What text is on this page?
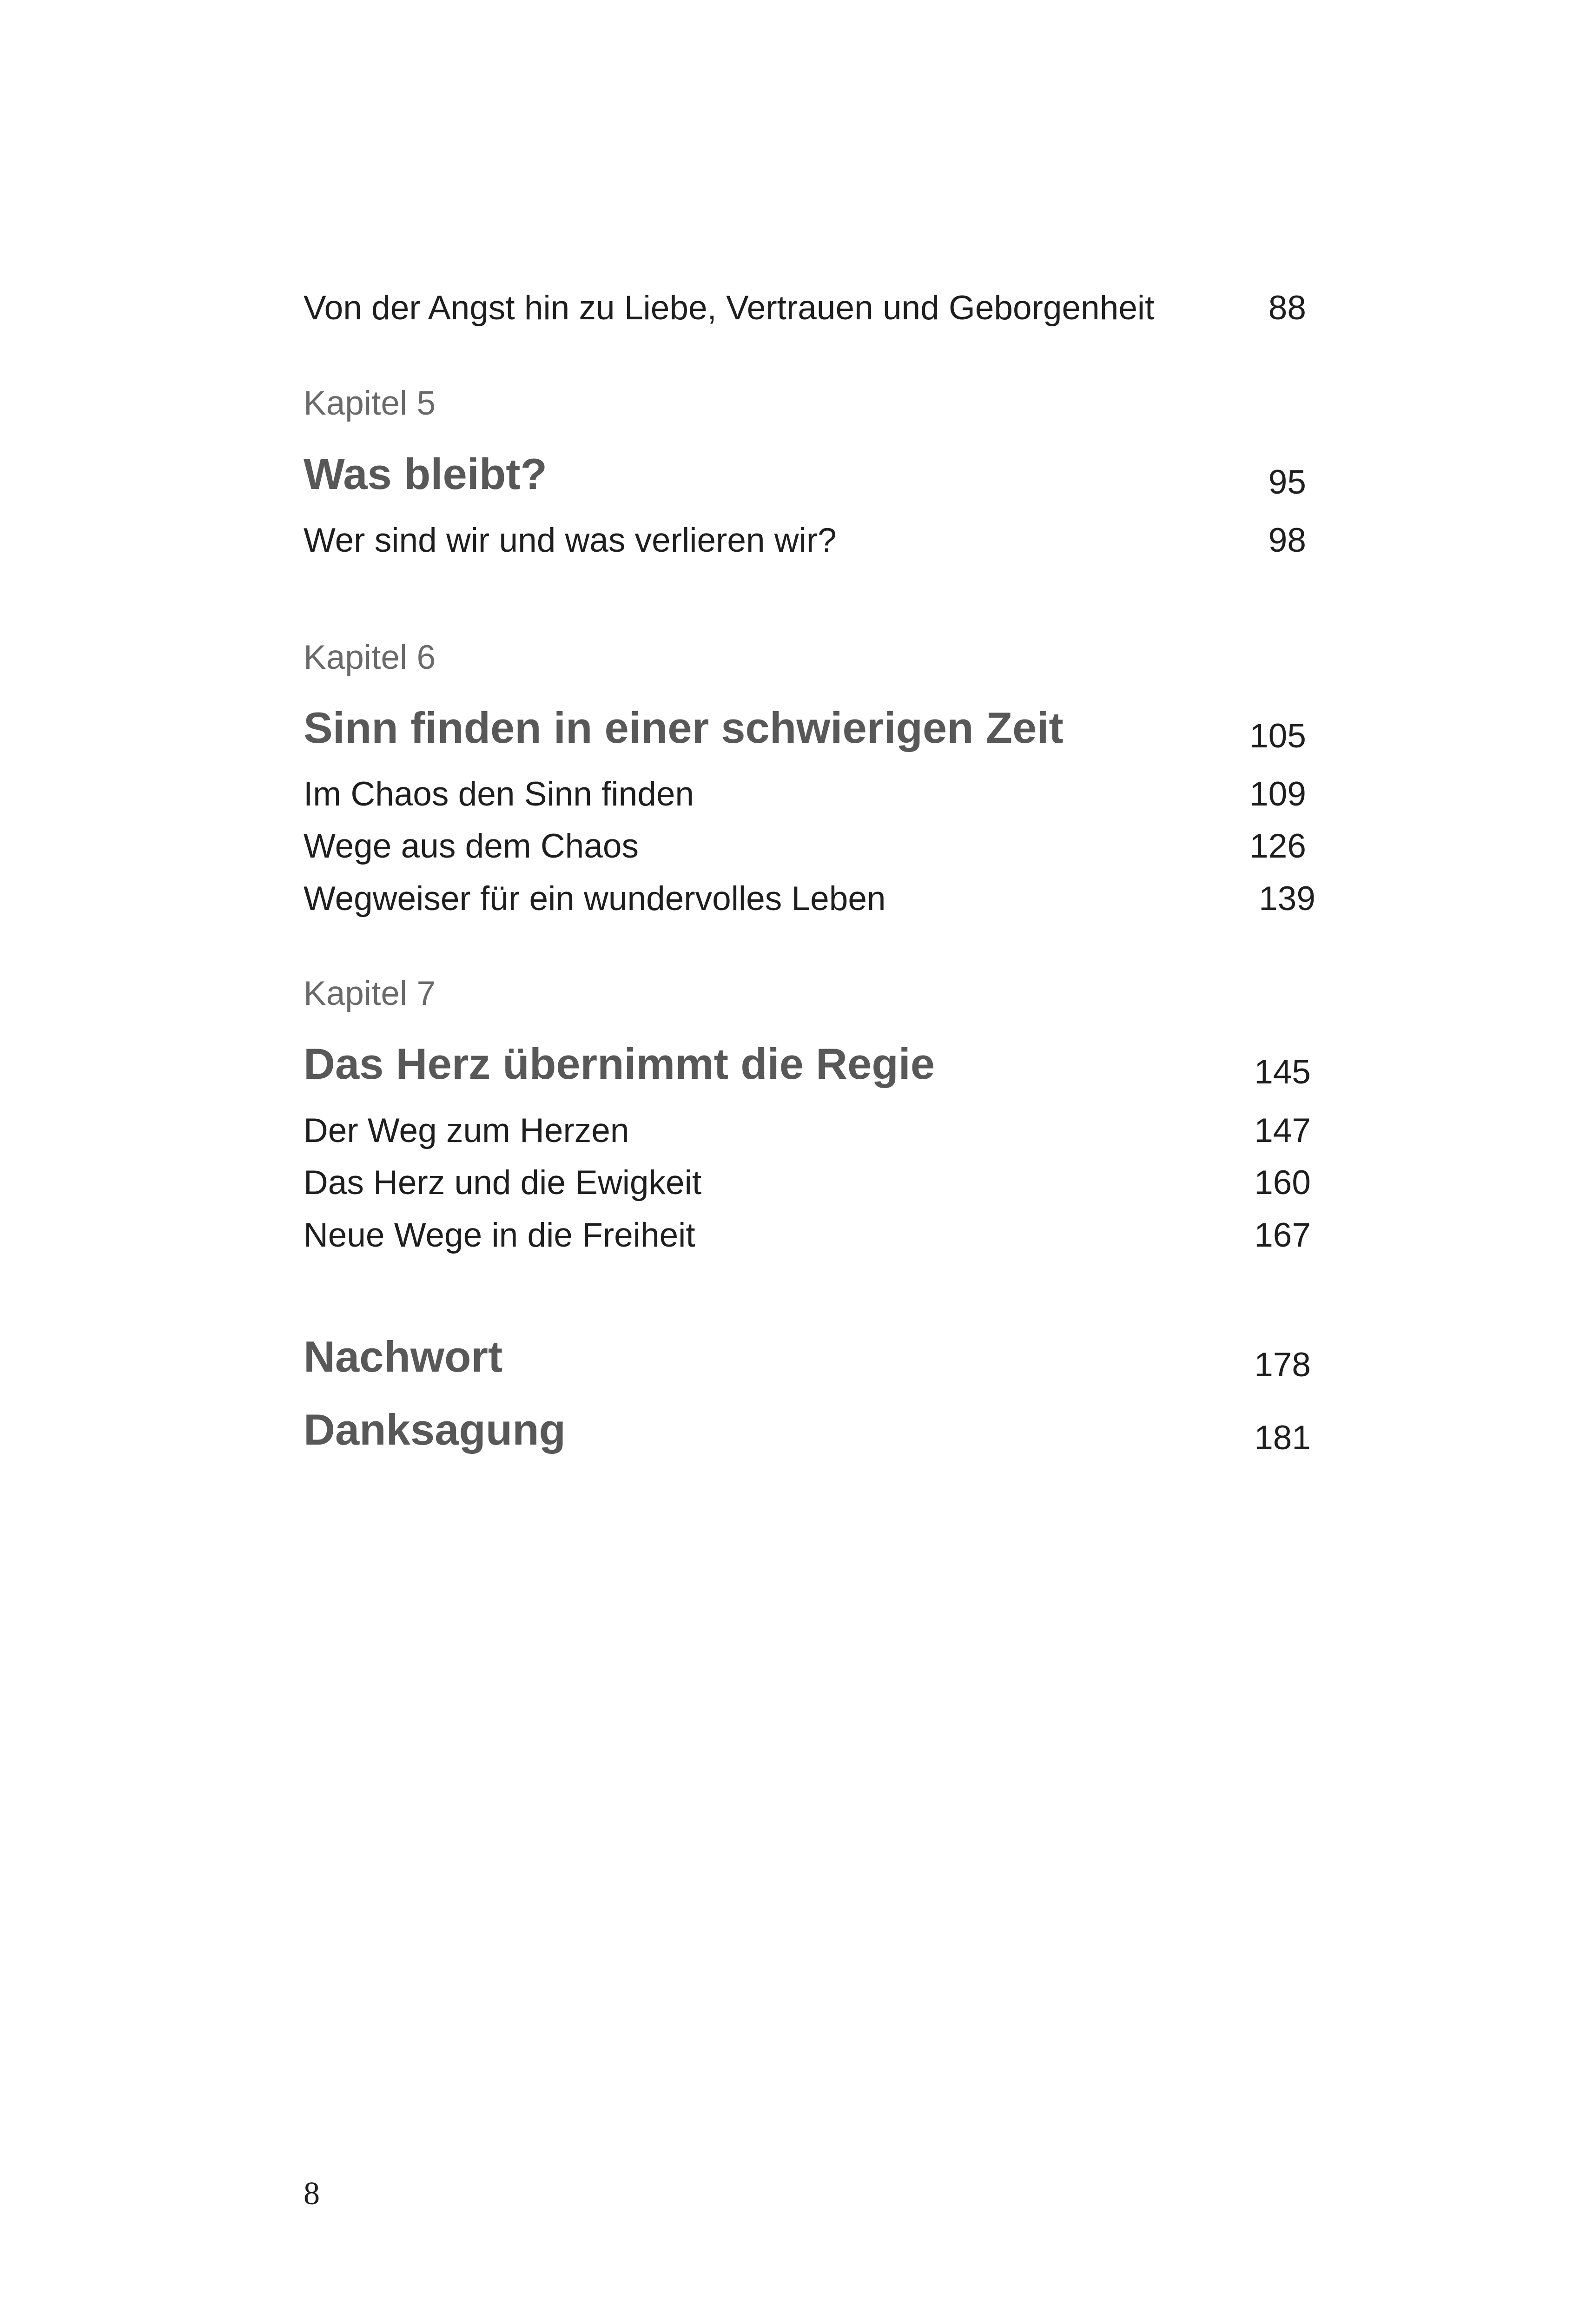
Von der Angst hin zu Liebe, Vertrauen und Geborgenheit	88
Kapitel 5
Was bleibt?	95
Wer sind wir und was verlieren wir?	98
Kapitel 6
Sinn finden in einer schwierigen Zeit	105
Im Chaos den Sinn finden	109
Wege aus dem Chaos	126
Wegweiser für ein wundervolles Leben	139
Kapitel 7
Das Herz übernimmt die Regie	145
Der Weg zum Herzen	147
Das Herz und die Ewigkeit	160
Neue Wege in die Freiheit	167
Nachwort	178
Danksagung	181
8
